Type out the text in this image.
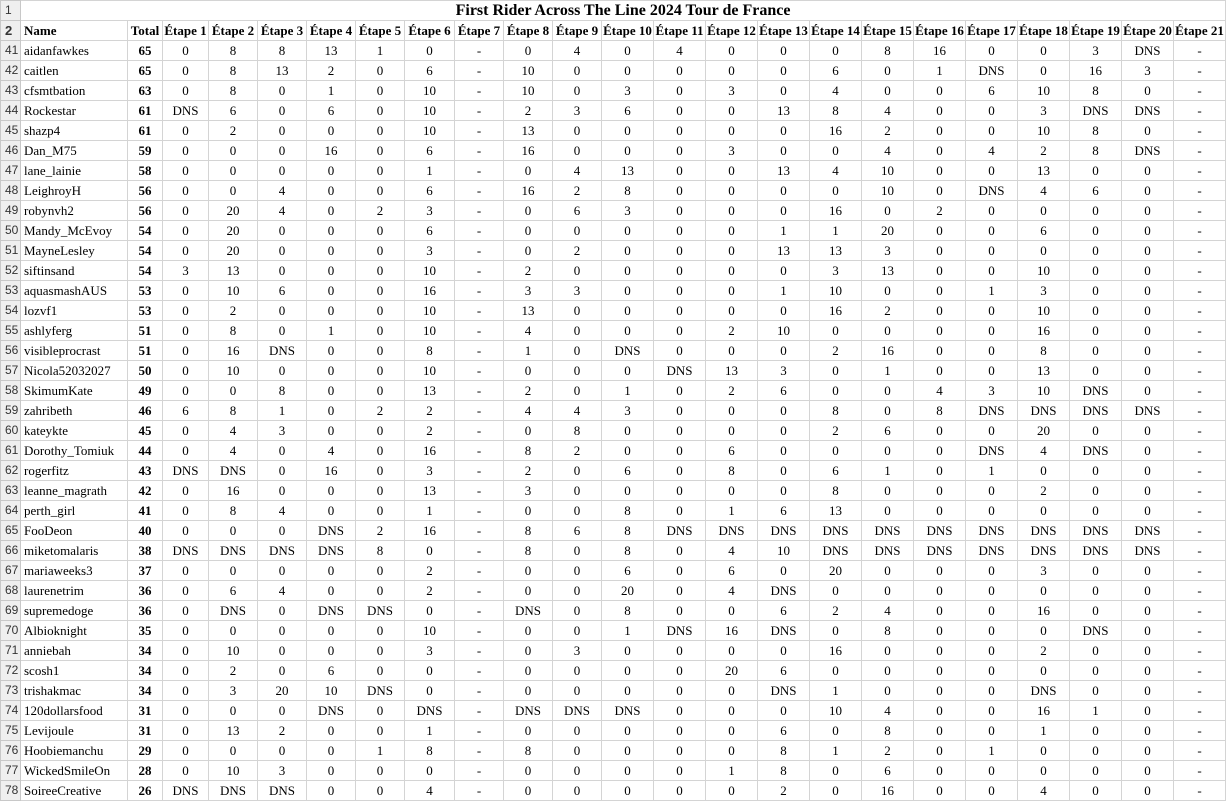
1	First Rider Across The Line 2024 Tour de France																						
2	Name	Total	Étape 1	Étape 2	Étape 3	Étape 4	Étape 5	Étape 6	Étape 7	Étape 8	Étape 9	Étape 10	Étape 11	Étape 12	Étape 13	Étape 14	Étape 15	Étape 16	Étape 17	Étape 18	Étape 19	Étape 20	Étape 21
41	aidanfawkes	65	0	8	8	13	1	0	-	0	4	0	4	0	0	0	8	16	0	0	3	DNS	-
42	caitlen	65	0	8	13	2	0	6	-	10	0	0	0	0	0	6	0	1	DNS	0	16	3	-
43	cfsmtbation	63	0	8	0	1	0	10	-	10	0	3	0	3	0	4	0	0	6	10	8	0	-
44	Rockestar	61	DNS	6	0	6	0	10	-	2	3	6	0	0	13	8	4	0	0	3	DNS	DNS	-
45	shazp4	61	0	2	0	0	0	10	-	13	0	0	0	0	0	16	2	0	0	10	8	0	-
46	Dan_M75	59	0	0	0	16	0	6	-	16	0	0	0	3	0	0	4	0	4	2	8	DNS	-
47	lane_lainie	58	0	0	0	0	0	1	-	0	4	13	0	0	13	4	10	0	0	13	0	0	-
48	LeighroyH	56	0	0	4	0	0	6	-	16	2	8	0	0	0	0	10	0	DNS	4	6	0	-
49	robynvh2	56	0	20	4	0	2	3	-	0	6	3	0	0	0	16	0	2	0	0	0	0	-
50	Mandy_McEvoy	54	0	20	0	0	0	6	-	0	0	0	0	0	1	1	20	0	0	6	0	0	-
51	MayneLesley	54	0	20	0	0	0	3	-	0	2	0	0	0	13	13	3	0	0	0	0	0	-
52	siftinsand	54	3	13	0	0	0	10	-	2	0	0	0	0	0	3	13	0	0	10	0	0	-
53	aquasmashAUS	53	0	10	6	0	0	16	-	3	3	0	0	0	1	10	0	0	1	3	0	0	-
54	lozvf1	53	0	2	0	0	0	10	-	13	0	0	0	0	0	16	2	0	0	10	0	0	-
55	ashlyferg	51	0	8	0	1	0	10	-	4	0	0	0	2	10	0	0	0	0	16	0	0	-
56	visibleprocrast	51	0	16	DNS	0	0	8	-	1	0	DNS	0	0	0	2	16	0	0	8	0	0	-
57	Nicola52032027	50	0	10	0	0	0	10	-	0	0	0	DNS	13	3	0	1	0	0	13	0	0	-
58	SkimumKate	49	0	0	8	0	0	13	-	2	0	1	0	2	6	0	0	4	3	10	DNS	0	-
59	zahribeth	46	6	8	1	0	2	2	-	4	4	3	0	0	0	8	0	8	DNS	DNS	DNS	DNS	-
60	kateykte	45	0	4	3	0	0	2	-	0	8	0	0	0	0	2	6	0	0	20	0	0	-
61	Dorothy_Tomiuk	44	0	4	0	4	0	16	-	8	2	0	0	6	0	0	0	0	DNS	4	DNS	0	-
62	rogerfitz	43	DNS	DNS	0	16	0	3	-	2	0	6	0	8	0	6	1	0	1	0	0	0	-
63	leanne_magrath	42	0	16	0	0	0	13	-	3	0	0	0	0	0	8	0	0	0	2	0	0	-
64	perth_girl	41	0	8	4	0	0	1	-	0	0	8	0	1	6	13	0	0	0	0	0	0	-
65	FooDeon	40	0	0	0	DNS	2	16	-	8	6	8	DNS	DNS	DNS	DNS	DNS	DNS	DNS	DNS	DNS	DNS	-
66	miketomalaris	38	DNS	DNS	DNS	DNS	8	0	-	8	0	8	0	4	10	DNS	DNS	DNS	DNS	DNS	DNS	DNS	-
67	mariaweeks3	37	0	0	0	0	0	2	-	0	0	6	0	6	0	20	0	0	0	3	0	0	-
68	laurenetrim	36	0	6	4	0	0	2	-	0	0	20	0	4	DNS	0	0	0	0	0	0	0	-
69	supremedoge	36	0	DNS	0	DNS	DNS	0	-	DNS	0	8	0	0	6	2	4	0	0	16	0	0	-
70	Albioknight	35	0	0	0	0	0	10	-	0	0	1	DNS	16	DNS	0	8	0	0	0	DNS	0	-
71	anniebah	34	0	10	0	0	0	3	-	0	3	0	0	0	0	16	0	0	0	2	0	0	-
72	scosh1	34	0	2	0	6	0	0	-	0	0	0	0	20	6	0	0	0	0	0	0	0	-
73	trishakmac	34	0	3	20	10	DNS	0	-	0	0	0	0	0	DNS	1	0	0	0	DNS	0	0	-
74	120dollarsfood	31	0	0	0	DNS	0	DNS	-	DNS	DNS	DNS	0	0	0	10	4	0	0	16	1	0	-
75	Levijoule	31	0	13	2	0	0	1	-	0	0	0	0	0	6	0	8	0	0	1	0	0	-
76	Hoobiemanchu	29	0	0	0	0	1	8	-	8	0	0	0	0	8	1	2	0	1	0	0	0	-
77	WickedSmileOn	28	0	10	3	0	0	0	-	0	0	0	0	1	8	0	6	0	0	0	0	0	-
78	SoireeCreative	26	DNS	DNS	DNS	0	0	4	-	0	0	0	0	0	2	0	16	0	0	4	0	0	-
